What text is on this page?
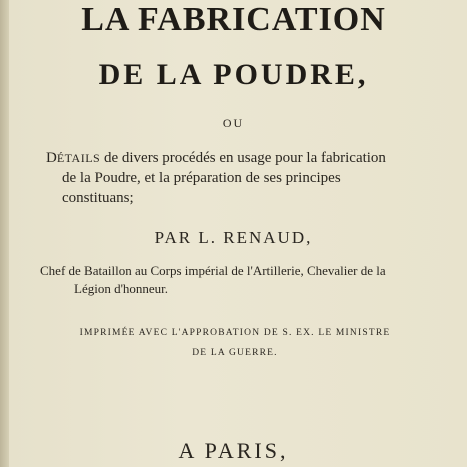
LA FABRICATION
DE LA POUDRE,
OU
DÉTAILS de divers procédés en usage pour la fabrication
de la Poudre, et la préparation de ses principes
constituans;
PAR L. RENAUD,
Chef de Bataillon au Corps impérial de l'Artillerie, Chevalier de la
Légion d'honneur.
IMPRIMÉE AVEC L'APPROBATION DE S. EX. LE MINISTRE
DE LA GUERRE.
A PARIS,
